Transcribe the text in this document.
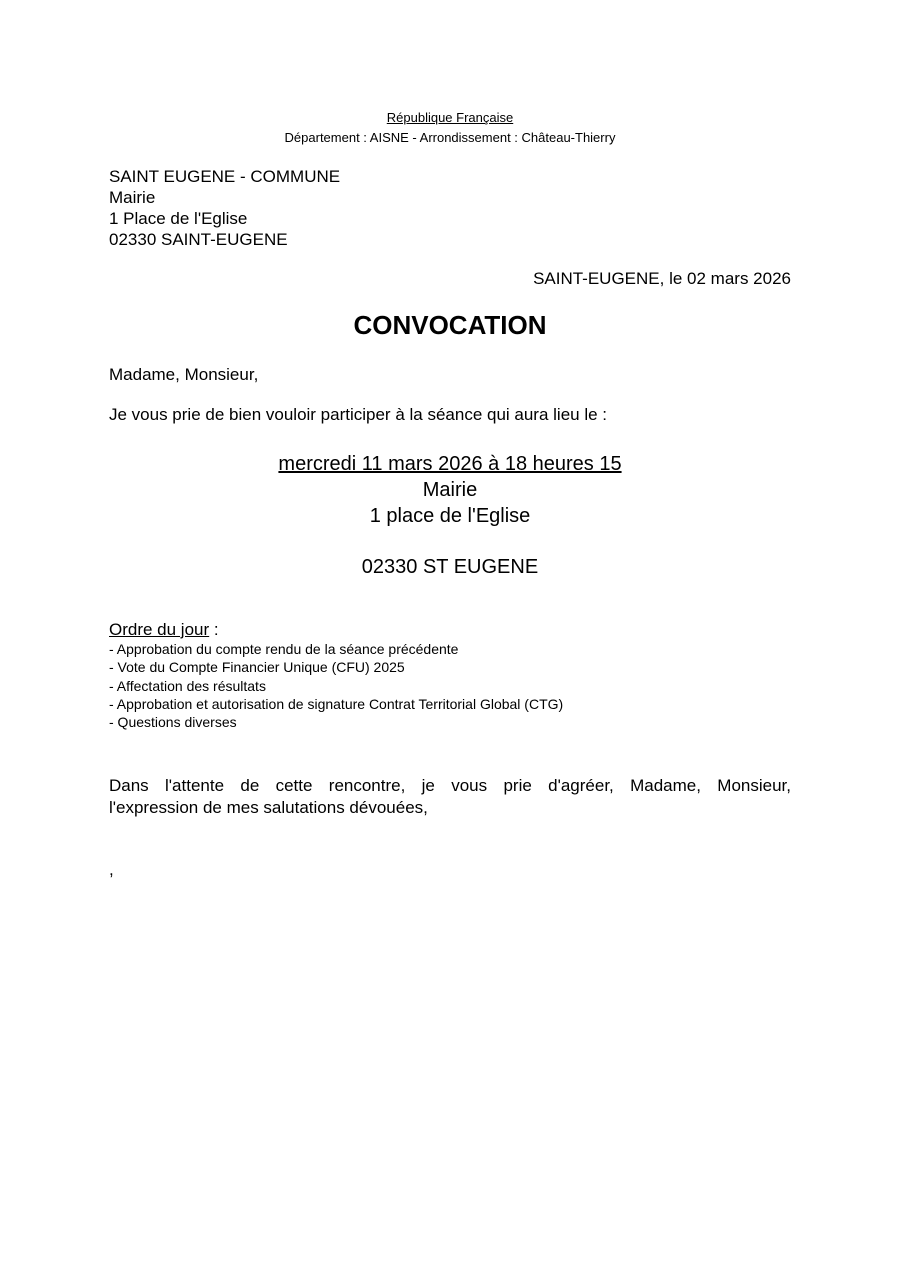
République Française

Département : AISNE - Arrondissement : Château-Thierry

SAINT EUGENE - COMMUNE

Mairie

1 Place de l'Eglise

02330 SAINT-EUGENE

SAINT-EUGENE, le 02 mars 2026

CONVOCATION

Madame, Monsieur,

Je vous prie de bien vouloir participer à la séance qui aura lieu le :

mercredi 11 mars 2026 à 18 heures 15

Mairie

1 place de l'Eglise

02330 ST EUGENE

Ordre du jour :

- Approbation du compte rendu de la séance précédente

- Vote du Compte Financier Unique (CFU) 2025

- Affectation des résultats

- Approbation et autorisation de signature Contrat Territorial Global (CTG)

- Questions diverses

Dans l'attente de cette rencontre, je vous prie d'agréer, Madame, Monsieur,
l'expression de mes salutations dévouées,

,
